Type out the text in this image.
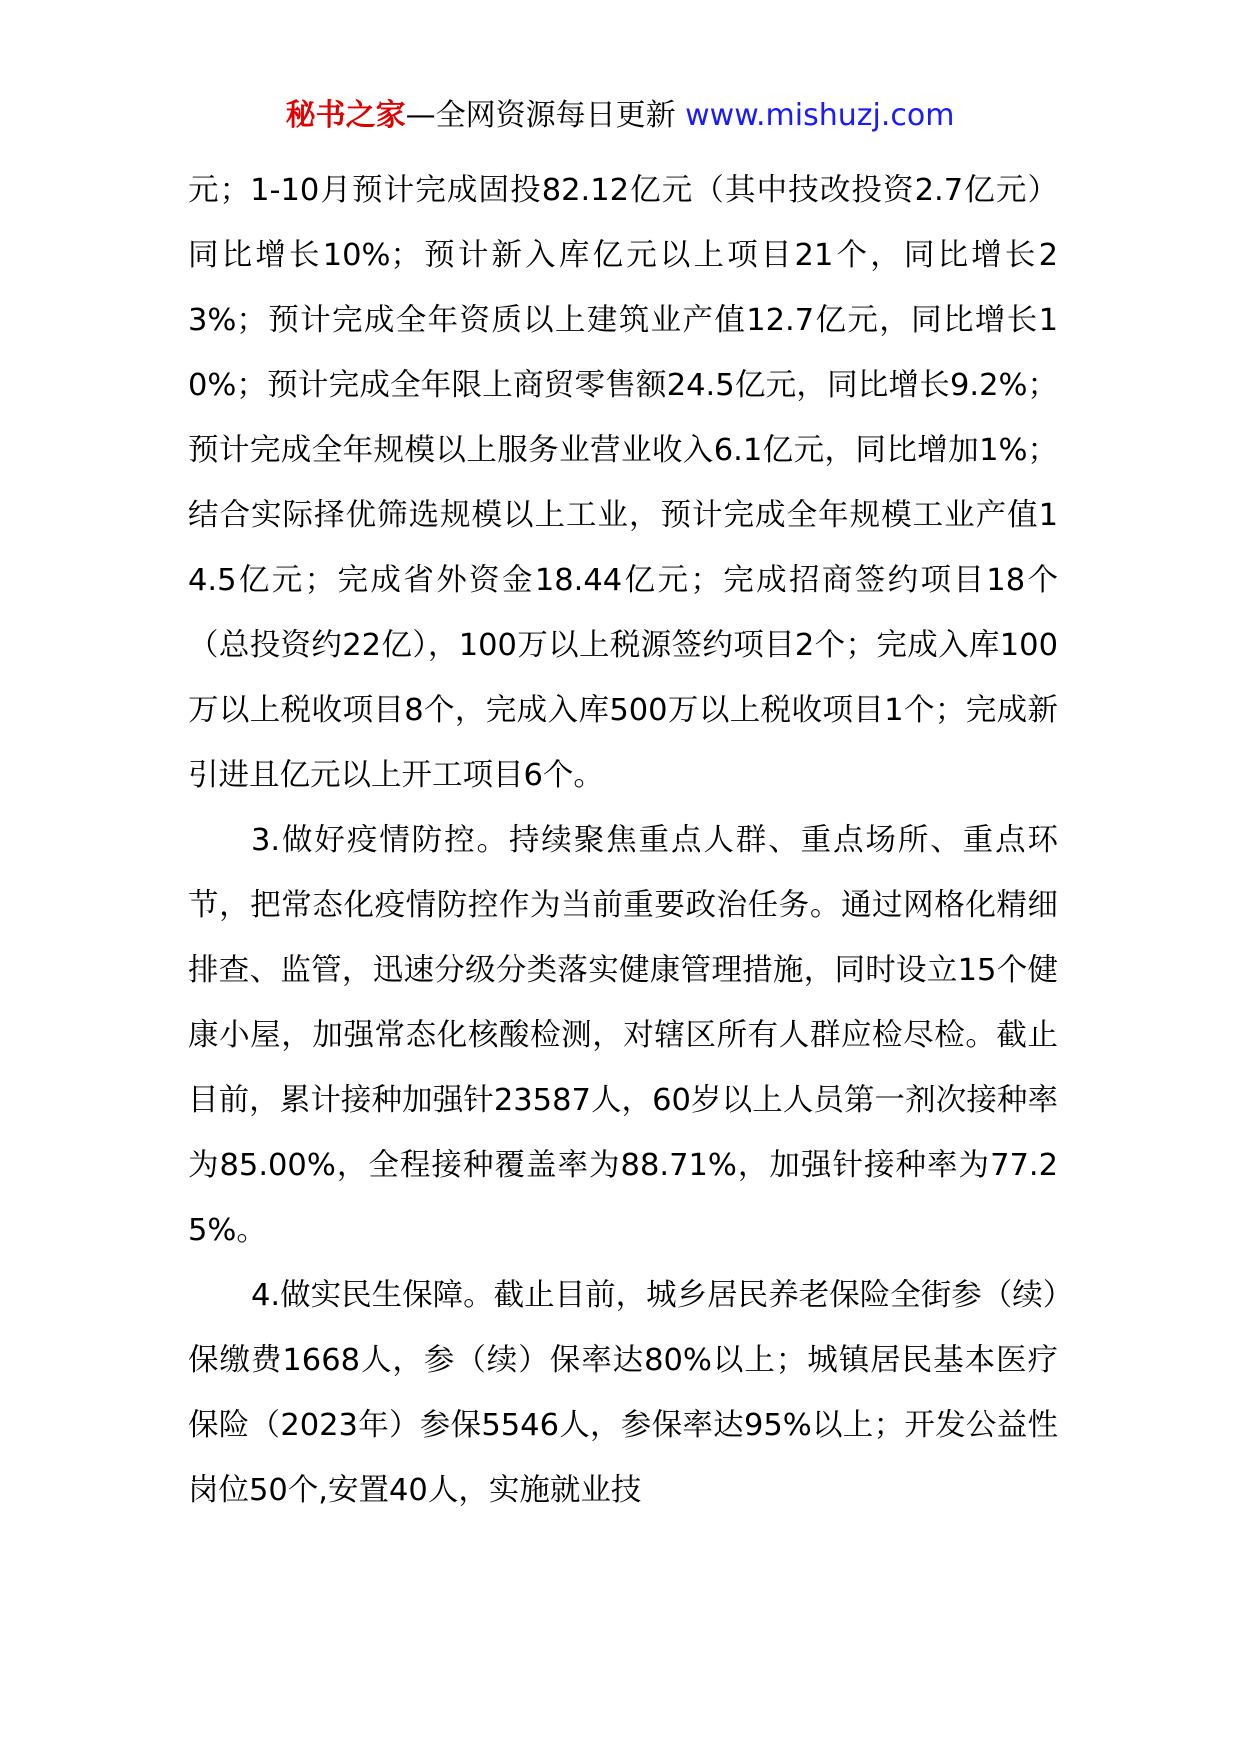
秘书之家—全网资源每日更新 www.mishuzj.com

元；1-10月预计完成固投82.12亿元（其中技改投资2.7亿元）同比增长10%；预计新入库亿元以上项目21个，同比增长23%；预计完成全年资质以上建筑业产值12.7亿元，同比增长10%；预计完成全年限上商贸零售额24.5亿元，同比增长9.2%；预计完成全年规模以上服务业营业收入6.1亿元，同比增加1%；结合实际择优筛选规模以上工业，预计完成全年规模工业产值14.5亿元；完成省外资金18.44亿元；完成招商签约项目18个（总投资约22亿），100万以上税源签约项目2个；完成入库100万以上税收项目8个，完成入库500万以上税收项目1个；完成新引进且亿元以上开工项目6个。

3.做好疫情防控。持续聚焦重点人群、重点场所、重点环节，把常态化疫情防控作为当前重要政治任务。通过网格化精细排查、监管，迅速分级分类落实健康管理措施，同时设立15个健康小屋，加强常态化核酸检测，对辖区所有人群应检尽检。截止目前，累计接种加强针23587人，60岁以上人员第一剂次接种率为85.00%，全程接种覆盖率为88.71%，加强针接种率为77.25%。

4.做实民生保障。截止目前，城乡居民养老保险全街参（续）保缴费1668人，参（续）保率达80%以上；城镇居民基本医疗保险（2023年）参保5546人，参保率达95%以上；开发公益性岗位50个,安置40人，实施就业技
